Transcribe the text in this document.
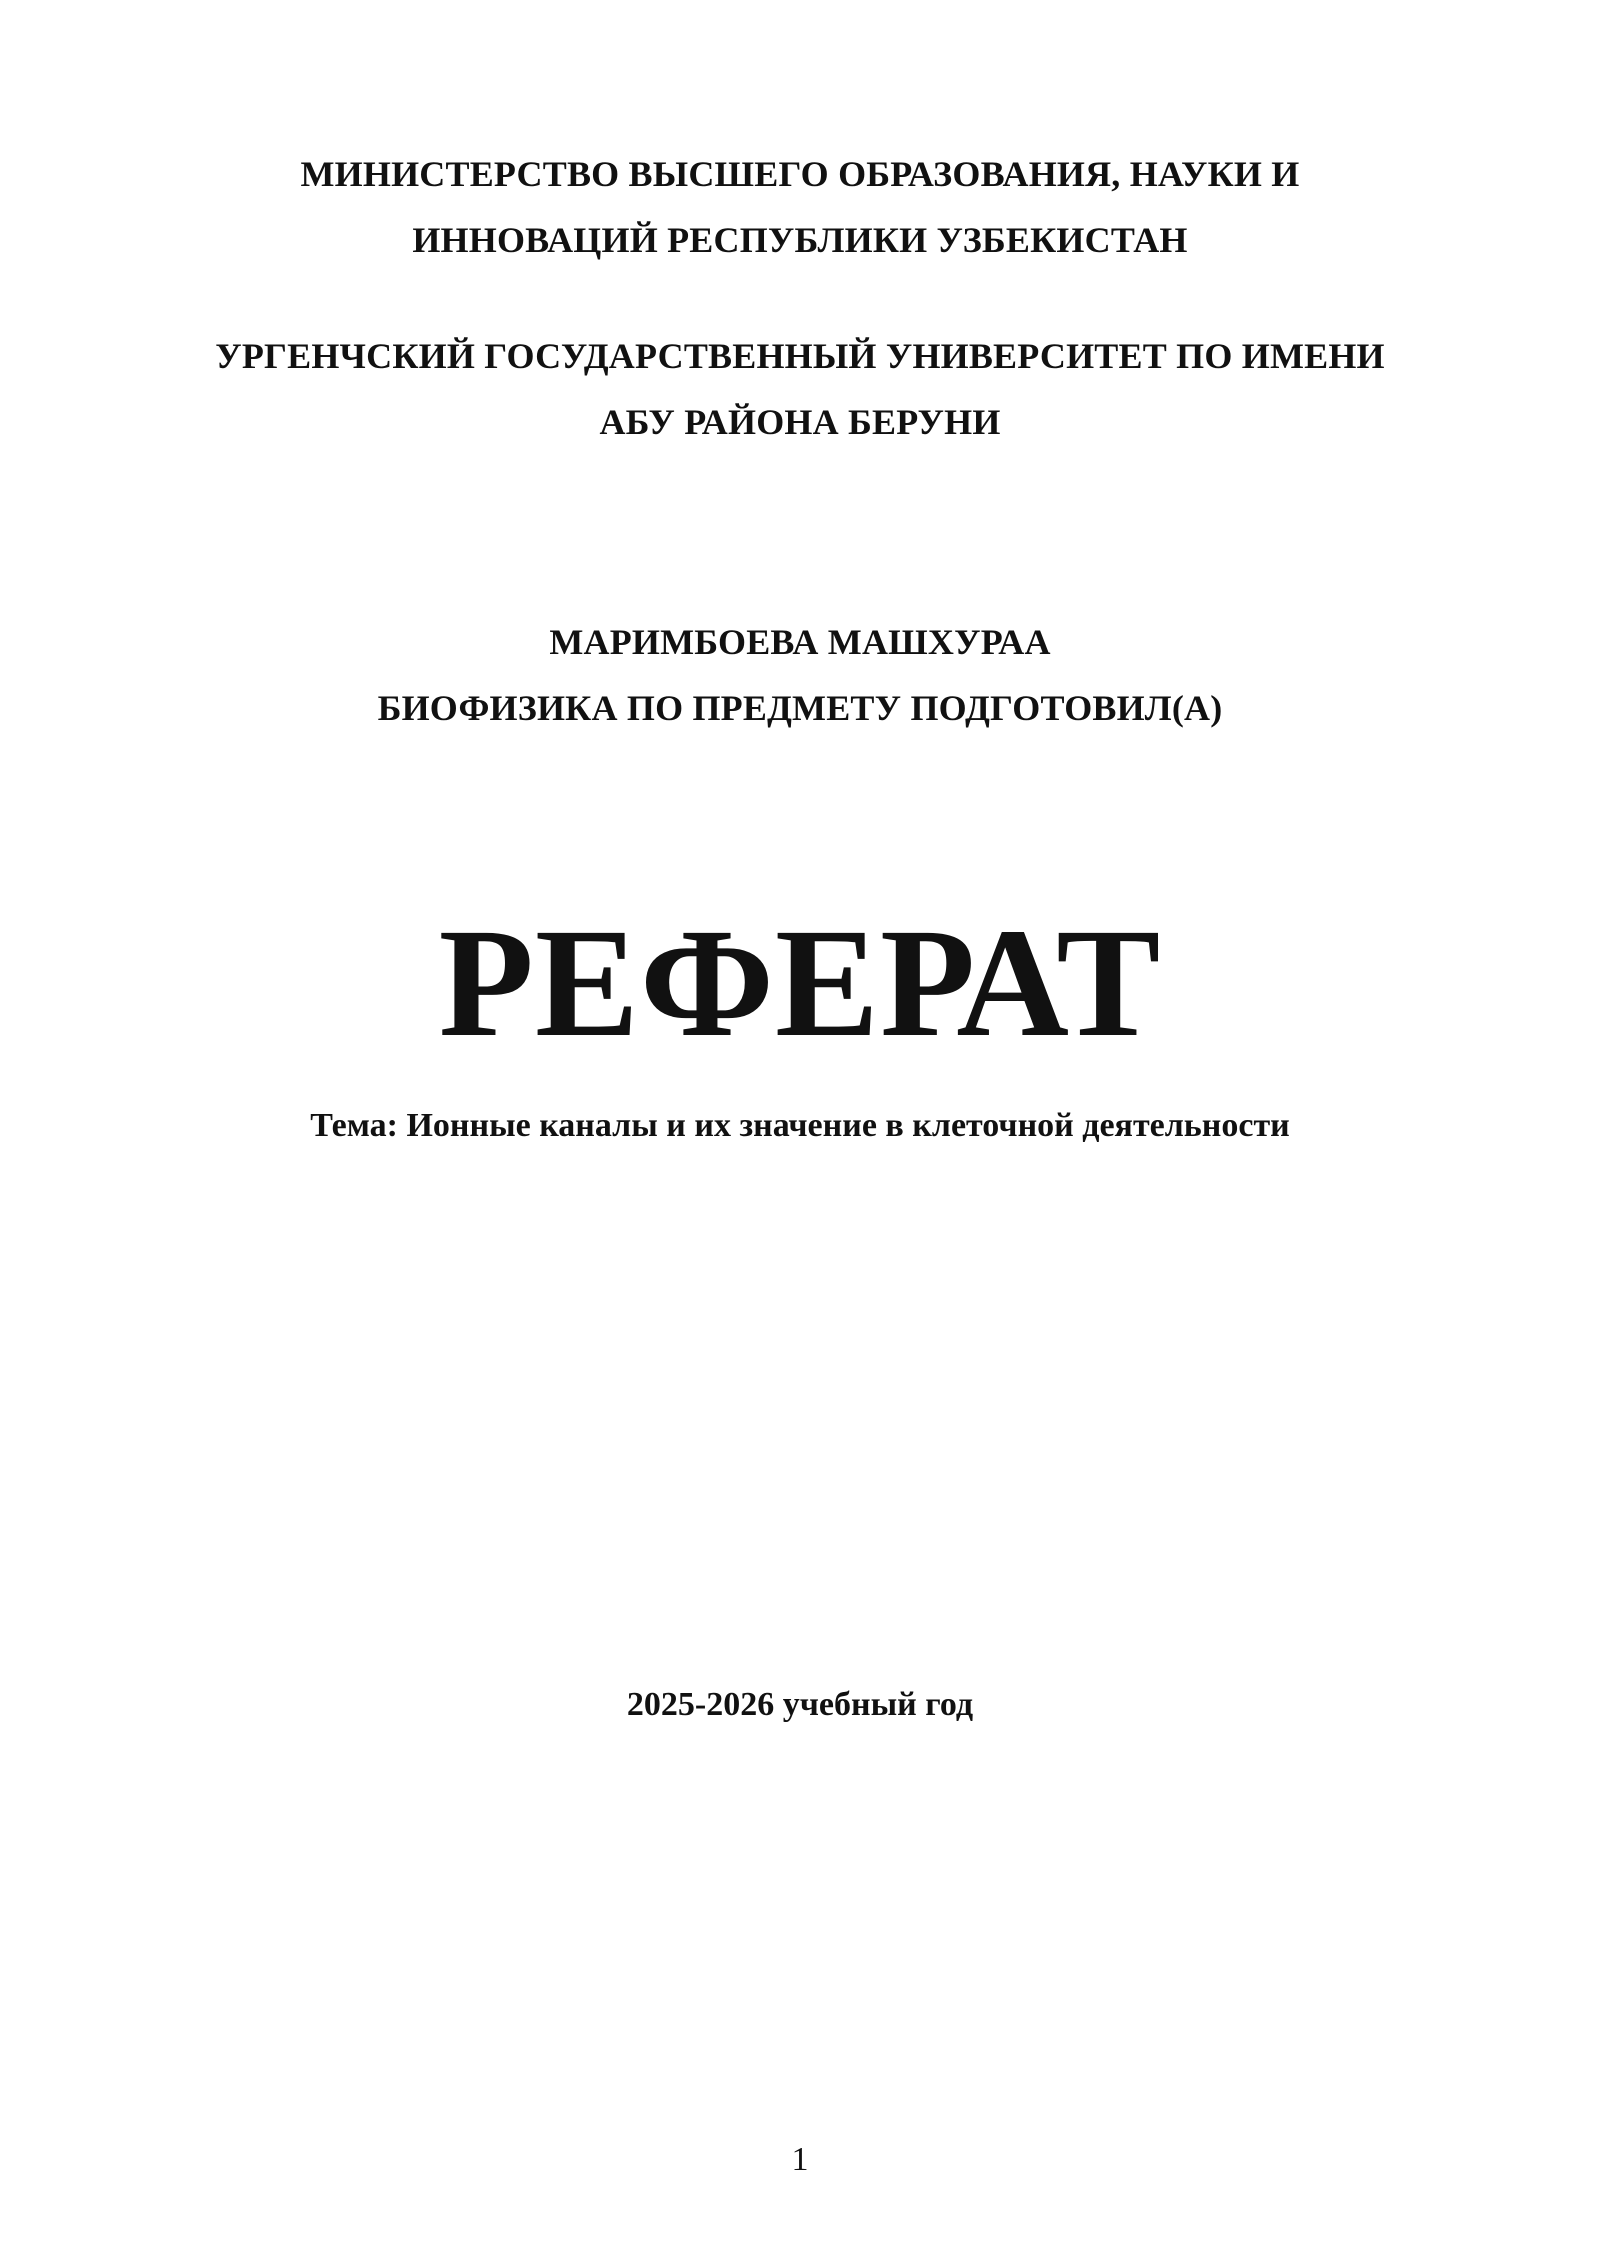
МИНИСТЕРСТВО ВЫСШЕГО ОБРАЗОВАНИЯ, НАУКИ И
ИННОВАЦИЙ РЕСПУБЛИКИ УЗБЕКИСТАН
УРГЕНЧСКИЙ ГОСУДАРСТВЕННЫЙ УНИВЕРСИТЕТ ПО ИМЕНИ
АБУ РАЙОНА БЕРУНИ
МАРИМБОЕВА МАШХУРАА
БИОФИЗИКА ПО ПРЕДМЕТУ ПОДГОТОВИЛ(А)
РЕФЕРАТ
Тема: Ионные каналы и их значение в клеточной деятельности
2025-2026 учебный год
1
